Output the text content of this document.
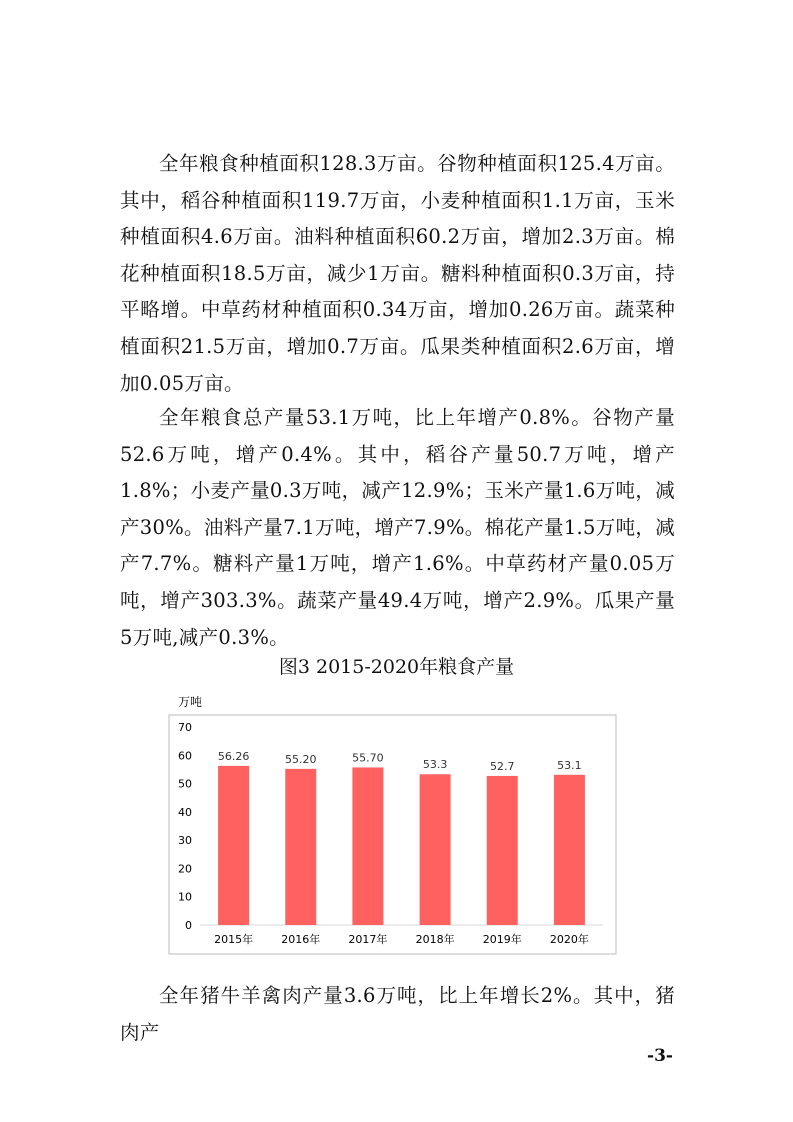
全年粮食种植面积128.3万亩。谷物种植面积125.4万亩。其中，稻谷种植面积119.7万亩，小麦种植面积1.1万亩，玉米种植面积4.6万亩。油料种植面积60.2万亩，增加2.3万亩。棉花种植面积18.5万亩，减少1万亩。糖料种植面积0.3万亩，持平略增。中草药材种植面积0.34万亩，增加0.26万亩。蔬菜种植面积21.5万亩，增加0.7万亩。瓜果类种植面积2.6万亩，增加0.05万亩。

全年粮食总产量53.1万吨，比上年增产0.8%。谷物产量52.6万吨，增产0.4%。其中，稻谷产量50.7万吨，增产1.8%；小麦产量0.3万吨，减产12.9%；玉米产量1.6万吨，减产30%。油料产量7.1万吨，增产7.9%。棉花产量1.5万吨，减产7.7%。糖料产量1万吨，增产1.6%。中草药材产量0.05万吨，增产303.3%。蔬菜产量49.4万吨，增产2.9%。瓜果产量5万吨,减产0.3%。

图3 2015-2020年粮食产量
万吨
0
10
20
30
40
50
60
70
56.26	55.20	55.70
53.3	52.7	53.1
2015年	2016年	2017年	2018年	2019年	2020年

全年猪牛羊禽肉产量3.6万吨，比上年增长2%。其中，猪肉产

-3-
